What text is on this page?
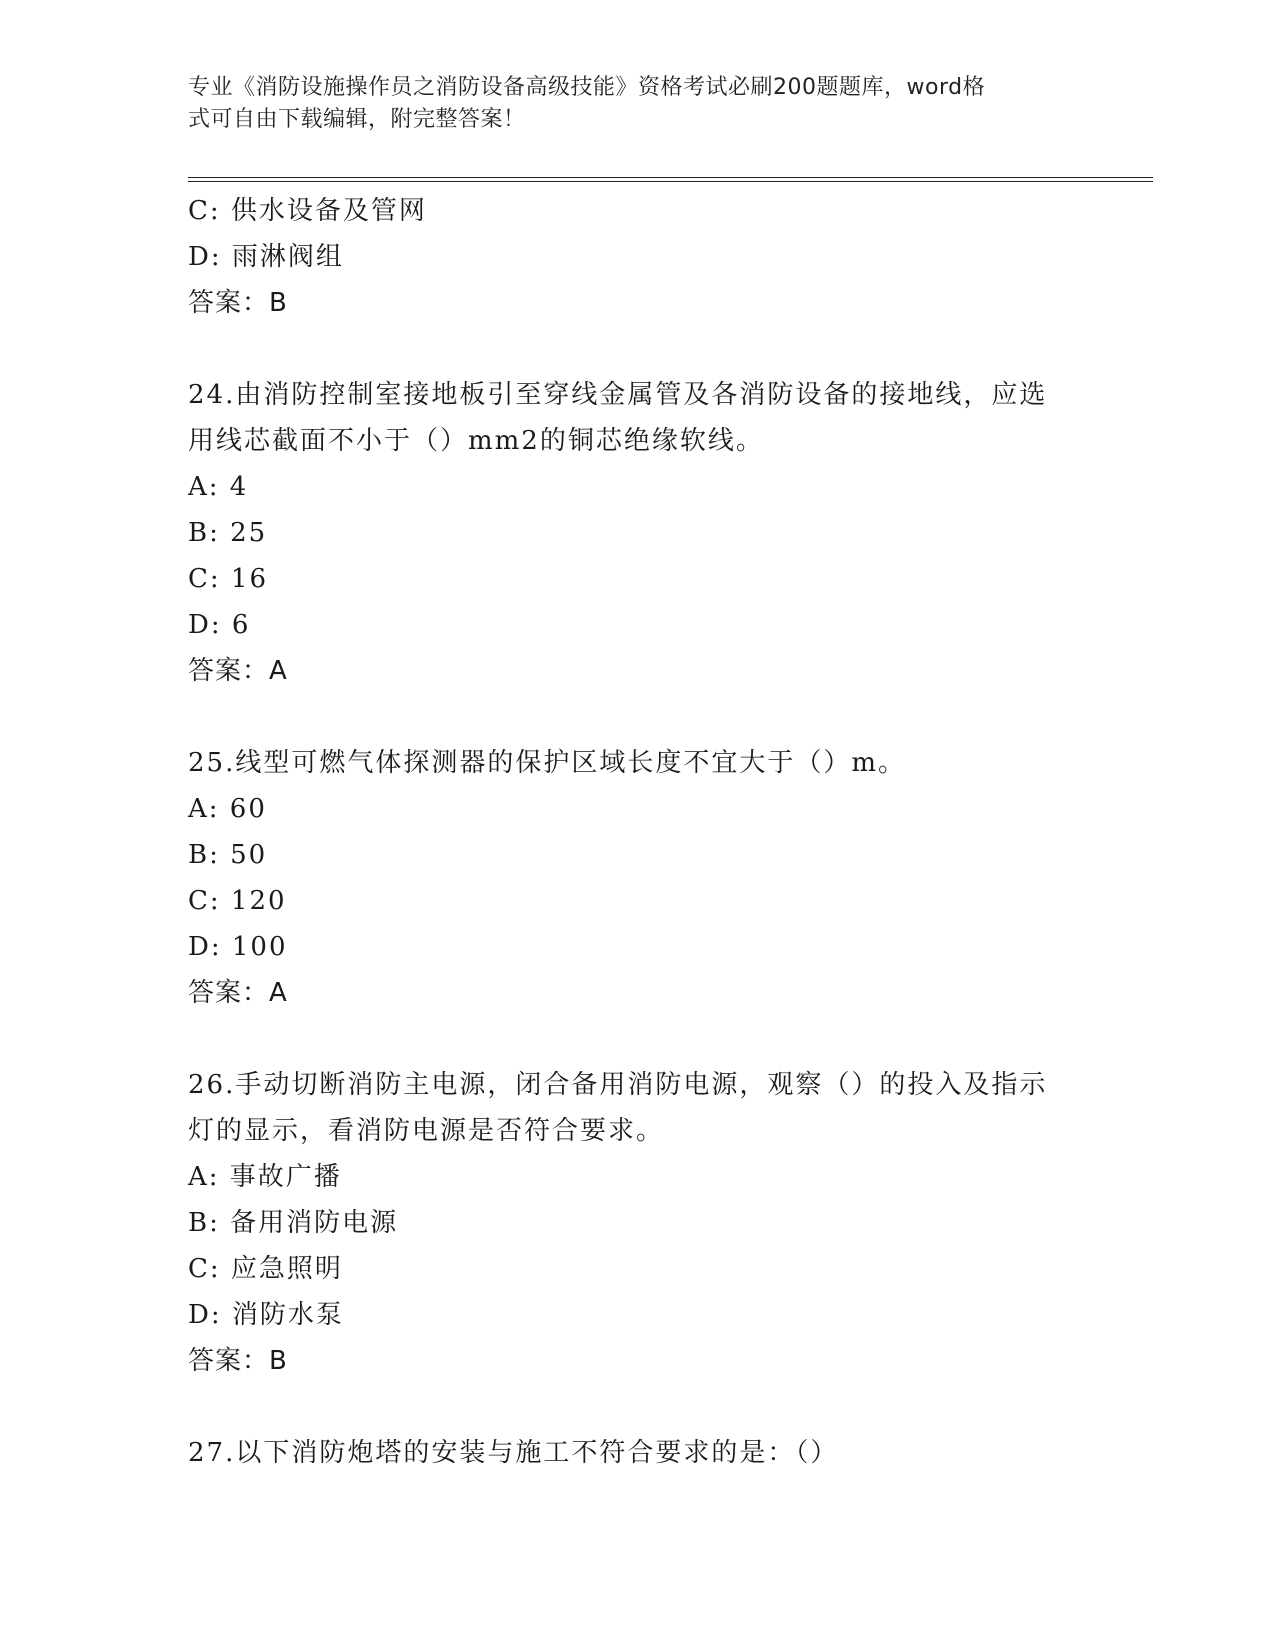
专业《消防设施操作员之消防设备高级技能》资格考试必刷200题题库，word格
式可自由下载编辑，附完整答案！
C: 供水设备及管网
D: 雨淋阀组
答案：B
24.由消防控制室接地板引至穿线金属管及各消防设备的接地线，应选
用线芯截面不小于（）mm2的铜芯绝缘软线。
A: 4
B: 25
C: 16
D: 6
答案：A
25.线型可燃气体探测器的保护区域长度不宜大于（）m。
A: 60
B: 50
C: 120
D: 100
答案：A
26.手动切断消防主电源，闭合备用消防电源，观察（）的投入及指示
灯的显示，看消防电源是否符合要求。
A: 事故广播
B: 备用消防电源
C: 应急照明
D: 消防水泵
答案：B
27.以下消防炮塔的安装与施工不符合要求的是：（）
